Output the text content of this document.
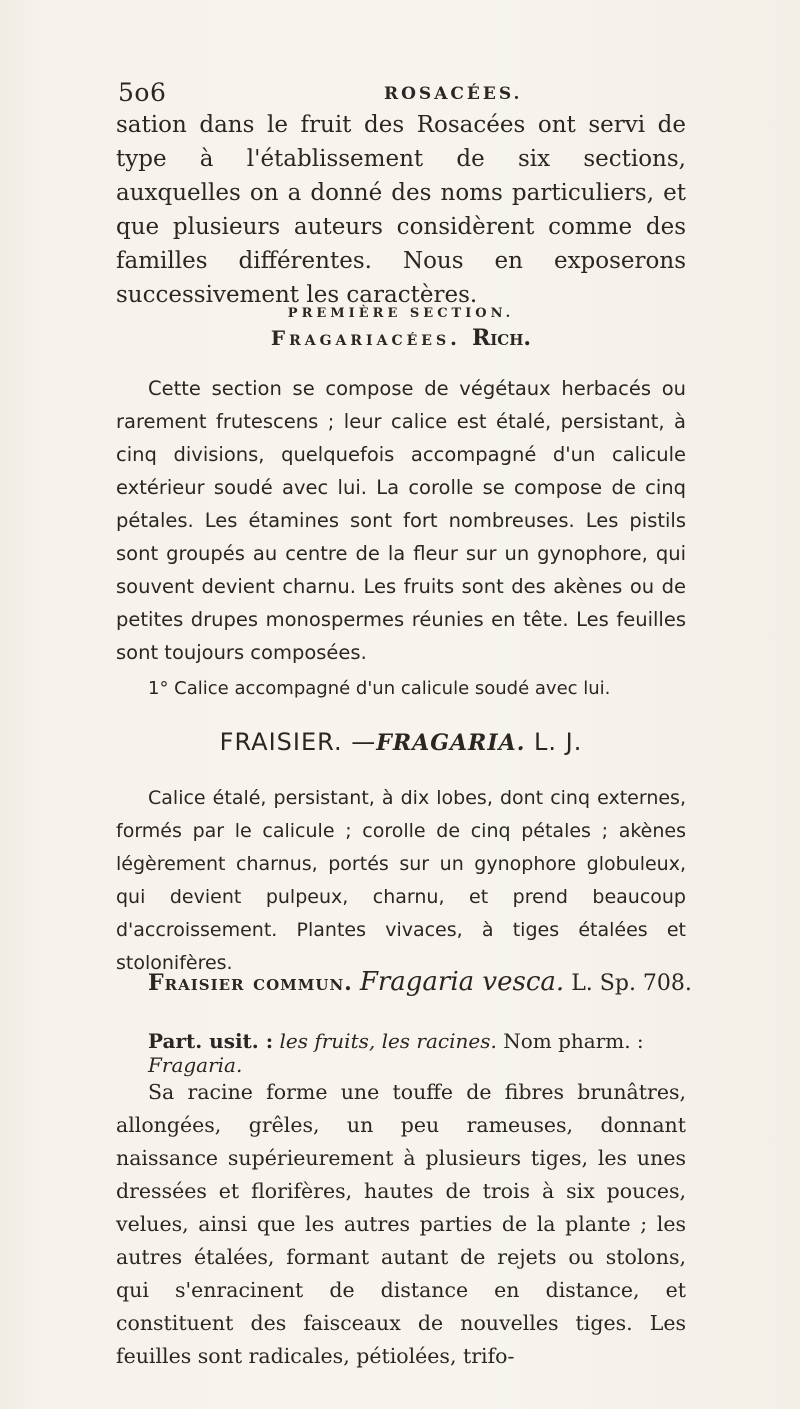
5o6	ROSACÉES.

sation dans le fruit des Rosacées ont servi de type à l'établissement de six sections, auxquelles on a donné des noms particuliers, et que plusieurs auteurs considèrent comme des familles différentes. Nous en exposerons successivement les caractères.

PREMIÈRE SECTION.
Fragariacées. Rich.

Cette section se compose de végétaux herbacés ou rarement frutescens ; leur calice est étalé, persistant, à cinq divisions, quelquefois accompagné d'un calicule extérieur soudé avec lui. La corolle se compose de cinq pétales. Les étamines sont fort nombreuses. Les pistils sont groupés au centre de la fleur sur un gynophore, qui souvent devient charnu. Les fruits sont des akènes ou de petites drupes monospermes réunies en tête. Les feuilles sont toujours composées.

1° Calice accompagné d'un calicule soudé avec lui.
FRAISIER. —FRAGARIA. L. J.

Calice étalé, persistant, à dix lobes, dont cinq externes, formés par le calicule ; corolle de cinq pétales ; akènes légèrement charnus, portés sur un gynophore globuleux, qui devient pulpeux, charnu, et prend beaucoup d'accroissement. Plantes vivaces, à tiges étalées et stolonifères.

Fraisier commun. Fragaria vesca. L. Sp. 708.
Part. usit. : les fruits, les racines. Nom pharm. : Fragaria.

Sa racine forme une touffe de fibres brunâtres, allongées, grêles, un peu rameuses, donnant naissance supérieurement à plusieurs tiges, les unes dressées et florifères, hautes de trois à six pouces, velues, ainsi que les autres parties de la plante ; les autres étalées, formant autant de rejets ou stolons, qui s'enracinent de distance en distance, et constituent des faisceaux de nouvelles tiges. Les feuilles sont radicales, pétiolées, trifo-
